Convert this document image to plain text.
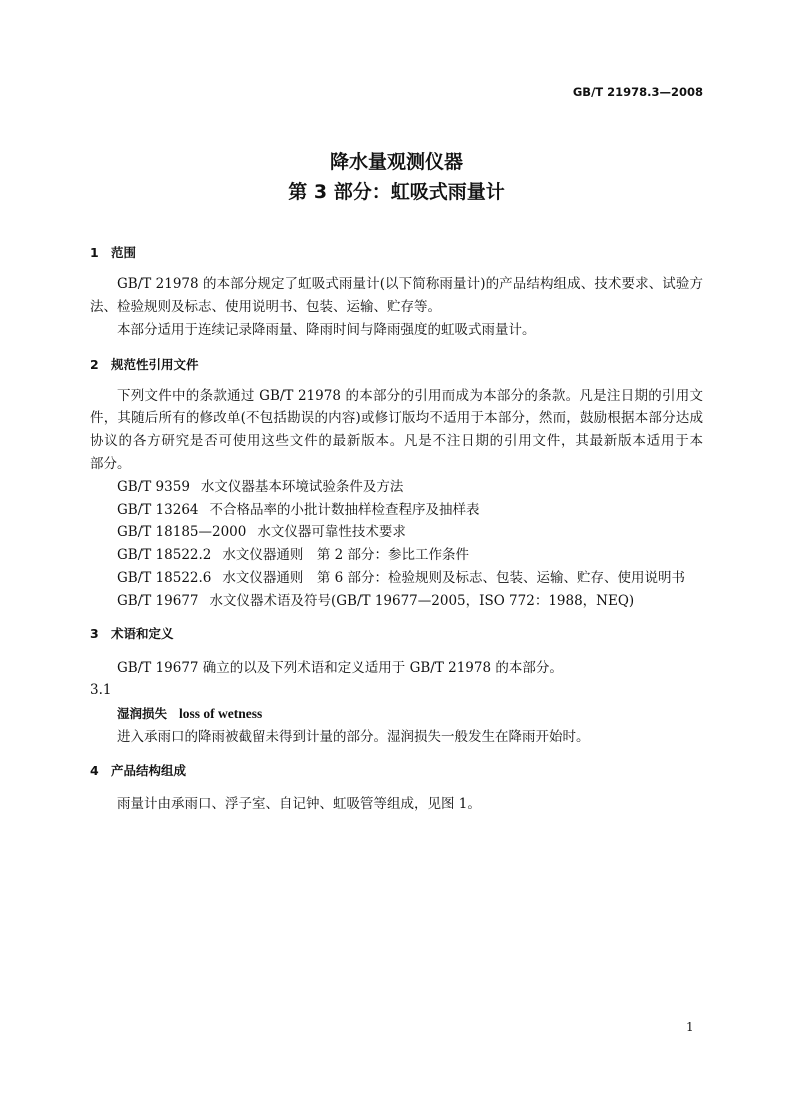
GB/T 21978.3—2008
降水量观测仪器
第 3 部分：虹吸式雨量计
1 范围
GB/T 21978 的本部分规定了虹吸式雨量计(以下简称雨量计)的产品结构组成、技术要求、试验方
法、检验规则及标志、使用说明书、包装、运输、贮存等。
本部分适用于连续记录降雨量、降雨时间与降雨强度的虹吸式雨量计。
2 规范性引用文件
下列文件中的条款通过 GB/T 21978 的本部分的引用而成为本部分的条款。凡是注日期的引用文
件，其随后所有的修改单(不包括勘误的内容)或修订版均不适用于本部分，然而，鼓励根据本部分达成
协议的各方研究是否可使用这些文件的最新版本。凡是不注日期的引用文件，其最新版本适用于本
部分。
GB/T 9359 水文仪器基本环境试验条件及方法
GB/T 13264 不合格品率的小批计数抽样检查程序及抽样表
GB/T 18185—2000 水文仪器可靠性技术要求
GB/T 18522.2 水文仪器通则　第 2 部分：参比工作条件
GB/T 18522.6 水文仪器通则　第 6 部分：检验规则及标志、包装、运输、贮存、使用说明书
GB/T 19677 水文仪器术语及符号(GB/T 19677—2005，ISO 772：1988，NEQ)
3 术语和定义
GB/T 19677 确立的以及下列术语和定义适用于 GB/T 21978 的本部分。
3.1
湿润损失 loss of wetness
进入承雨口的降雨被截留未得到计量的部分。湿润损失一般发生在降雨开始时。
4 产品结构组成
雨量计由承雨口、浮子室、自记钟、虹吸管等组成，见图 1。
1
